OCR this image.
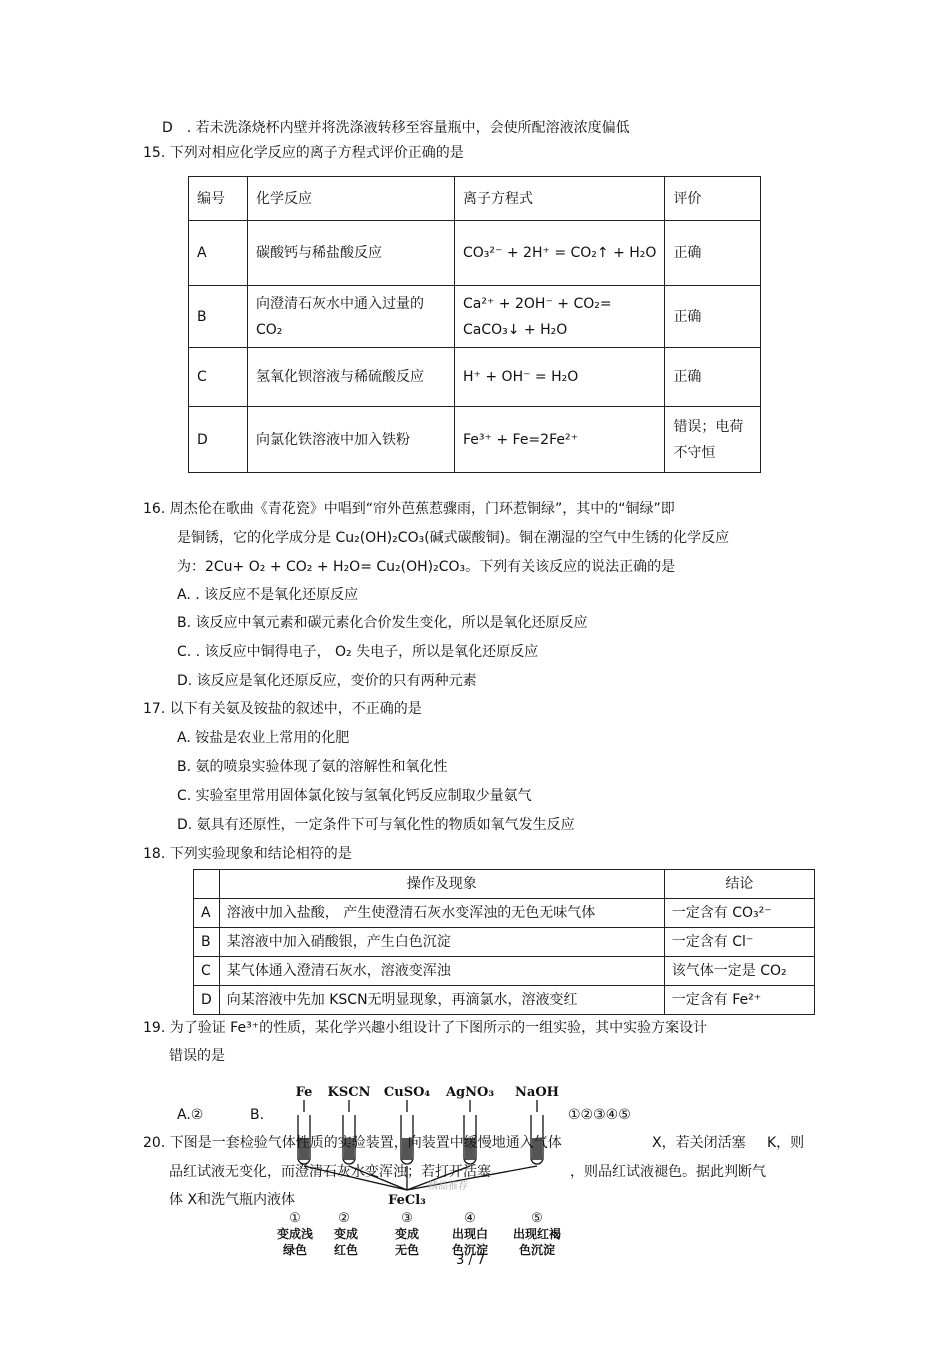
D　. 若未洗涤烧杯内壁并将洗涤液转移至容量瓶中，会使所配溶液浓度偏低
15. 下列对相应化学反应的离子方程式评价正确的是
编号	化学反应	离子方程式	评价
A	碳酸钙与稀盐酸反应	CO₃²⁻ + 2H⁺ = CO₂↑ + H₂O	正确
B	向澄清石灰水中通入过量的CO₂	Ca²⁺ + 2OH⁻ + CO₂= CaCO₃↓ + H₂O	正确
C	氢氧化钡溶液与稀硫酸反应	H⁺ + OH⁻ = H₂O	正确
D	向氯化铁溶液中加入铁粉	Fe³⁺ + Fe=2Fe²⁺	错误；电荷不守恒
16. 周杰伦在歌曲《青花瓷》中唱到“帘外芭蕉惹骤雨，门环惹铜绿”，其中的“铜绿”即
是铜锈，它的化学成分是 Cu₂(OH)₂CO₃(碱式碳酸铜)。铜在潮湿的空气中生锈的化学反应
为：2Cu+ O₂ + CO₂ + H₂O= Cu₂(OH)₂CO₃。下列有关该反应的说法正确的是
A. . 该反应不是氧化还原反应
B. 该反应中氧元素和碳元素化合价发生变化，所以是氧化还原反应
C. . 该反应中铜得电子， O₂ 失电子，所以是氧化还原反应
D. 该反应是氧化还原反应，变价的只有两种元素
17. 以下有关氨及铵盐的叙述中，不正确的是
A. 铵盐是农业上常用的化肥
B. 氨的喷泉实验体现了氨的溶解性和氧化性
C. 实验室里常用固体氯化铵与氢氧化钙反应制取少量氨气
D. 氨具有还原性，一定条件下可与氧化性的物质如氧气发生反应
18. 下列实验现象和结论相符的是
	操作及现象	结论
A	溶液中加入盐酸， 产生使澄清石灰水变浑浊的无色无味气体	一定含有 CO₃²⁻
B	某溶液中加入硝酸银，产生白色沉淀	一定含有 Cl⁻
C	某气体通入澄清石灰水，溶液变浑浊	该气体一定是 CO₂
D	向某溶液中先加 KSCN无明显现象，再滴氯水，溶液变红	一定含有 Fe²⁺
19. 为了验证 Fe³⁺的性质，某化学兴趣小组设计了下图所示的一组实验，其中实验方案设计
错误的是
Fe KSCN CuSO₄ AgNO₃ NaOH
FeCl₃
①	②	③	④	⑤
变成浅 变成	变成	出现白 出现红褐
绿色 红色	无色	色沉淀	色沉淀
A.②	B.	①②③④⑤
20. 下图是一套检验气体性质的实验装置，向装置中缓慢地通入气体	X，若关闭活塞 K，则
品红试液无变化，而澄清石灰水变浑浊；若打开活塞	，则品红试液褪色。据此判断气
体 X和洗气瓶内液体
精品推荐
3 / 7
